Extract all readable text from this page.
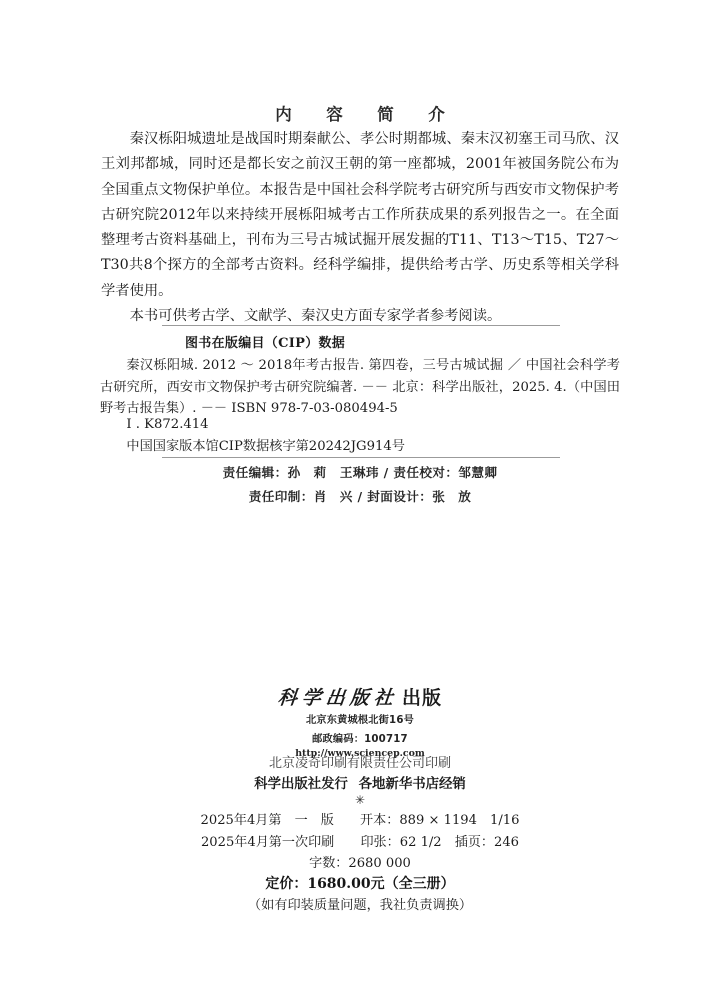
内　容　简　介

秦汉栎阳城遗址是战国时期秦献公、孝公时期都城、秦末汉初塞王司马欣、汉王刘邦都城，同时还是都长安之前汉王朝的第一座都城，2001年被国务院公布为全国重点文物保护单位。本报告是中国社会科学院考古研究所与西安市文物保护考古研究院2012年以来持续开展栎阳城考古工作所获成果的系列报告之一。在全面整理考古资料基础上，刊布为三号古城试掘开展发掘的T11、T13～T15、T27～T30共8个探方的全部考古资料。经科学编排，提供给考古学、历史系等相关学科学者使用。

本书可供考古学、文献学、秦汉史方面专家学者参考阅读。

图书在版编目（CIP）数据

秦汉栎阳城. 2012 ～ 2018年考古报告. 第四卷，三号古城试掘 ／ 中国社会科学考古研究所，西安市文物保护考古研究院编著. －－ 北京：科学出版社，2025. 4.（中国田野考古报告集）. －－ ISBN 978-7-03-080494-5

Ⅰ . K872.414
中国国家版本馆CIP数据核字第20242JG914号
责任编辑：孙　莉 王琳玮 / 责任校对：邹慧卿
责任印制：肖　兴 / 封面设计：张　放
科学出版社 出版
北京东黄城根北街16号
邮政编码：100717
http://www.sciencep.com
北京凌奇印刷有限责任公司印刷
科学出版社发行 各地新华书店经销
✳
2025年4月第　一　版　　开本：889 × 1194　1/16
2025年4月第一次印刷　　印张：62 1/2　插页：246
字数：2680 000
定价：1680.00元（全三册）
（如有印装质量问题，我社负责调换）
